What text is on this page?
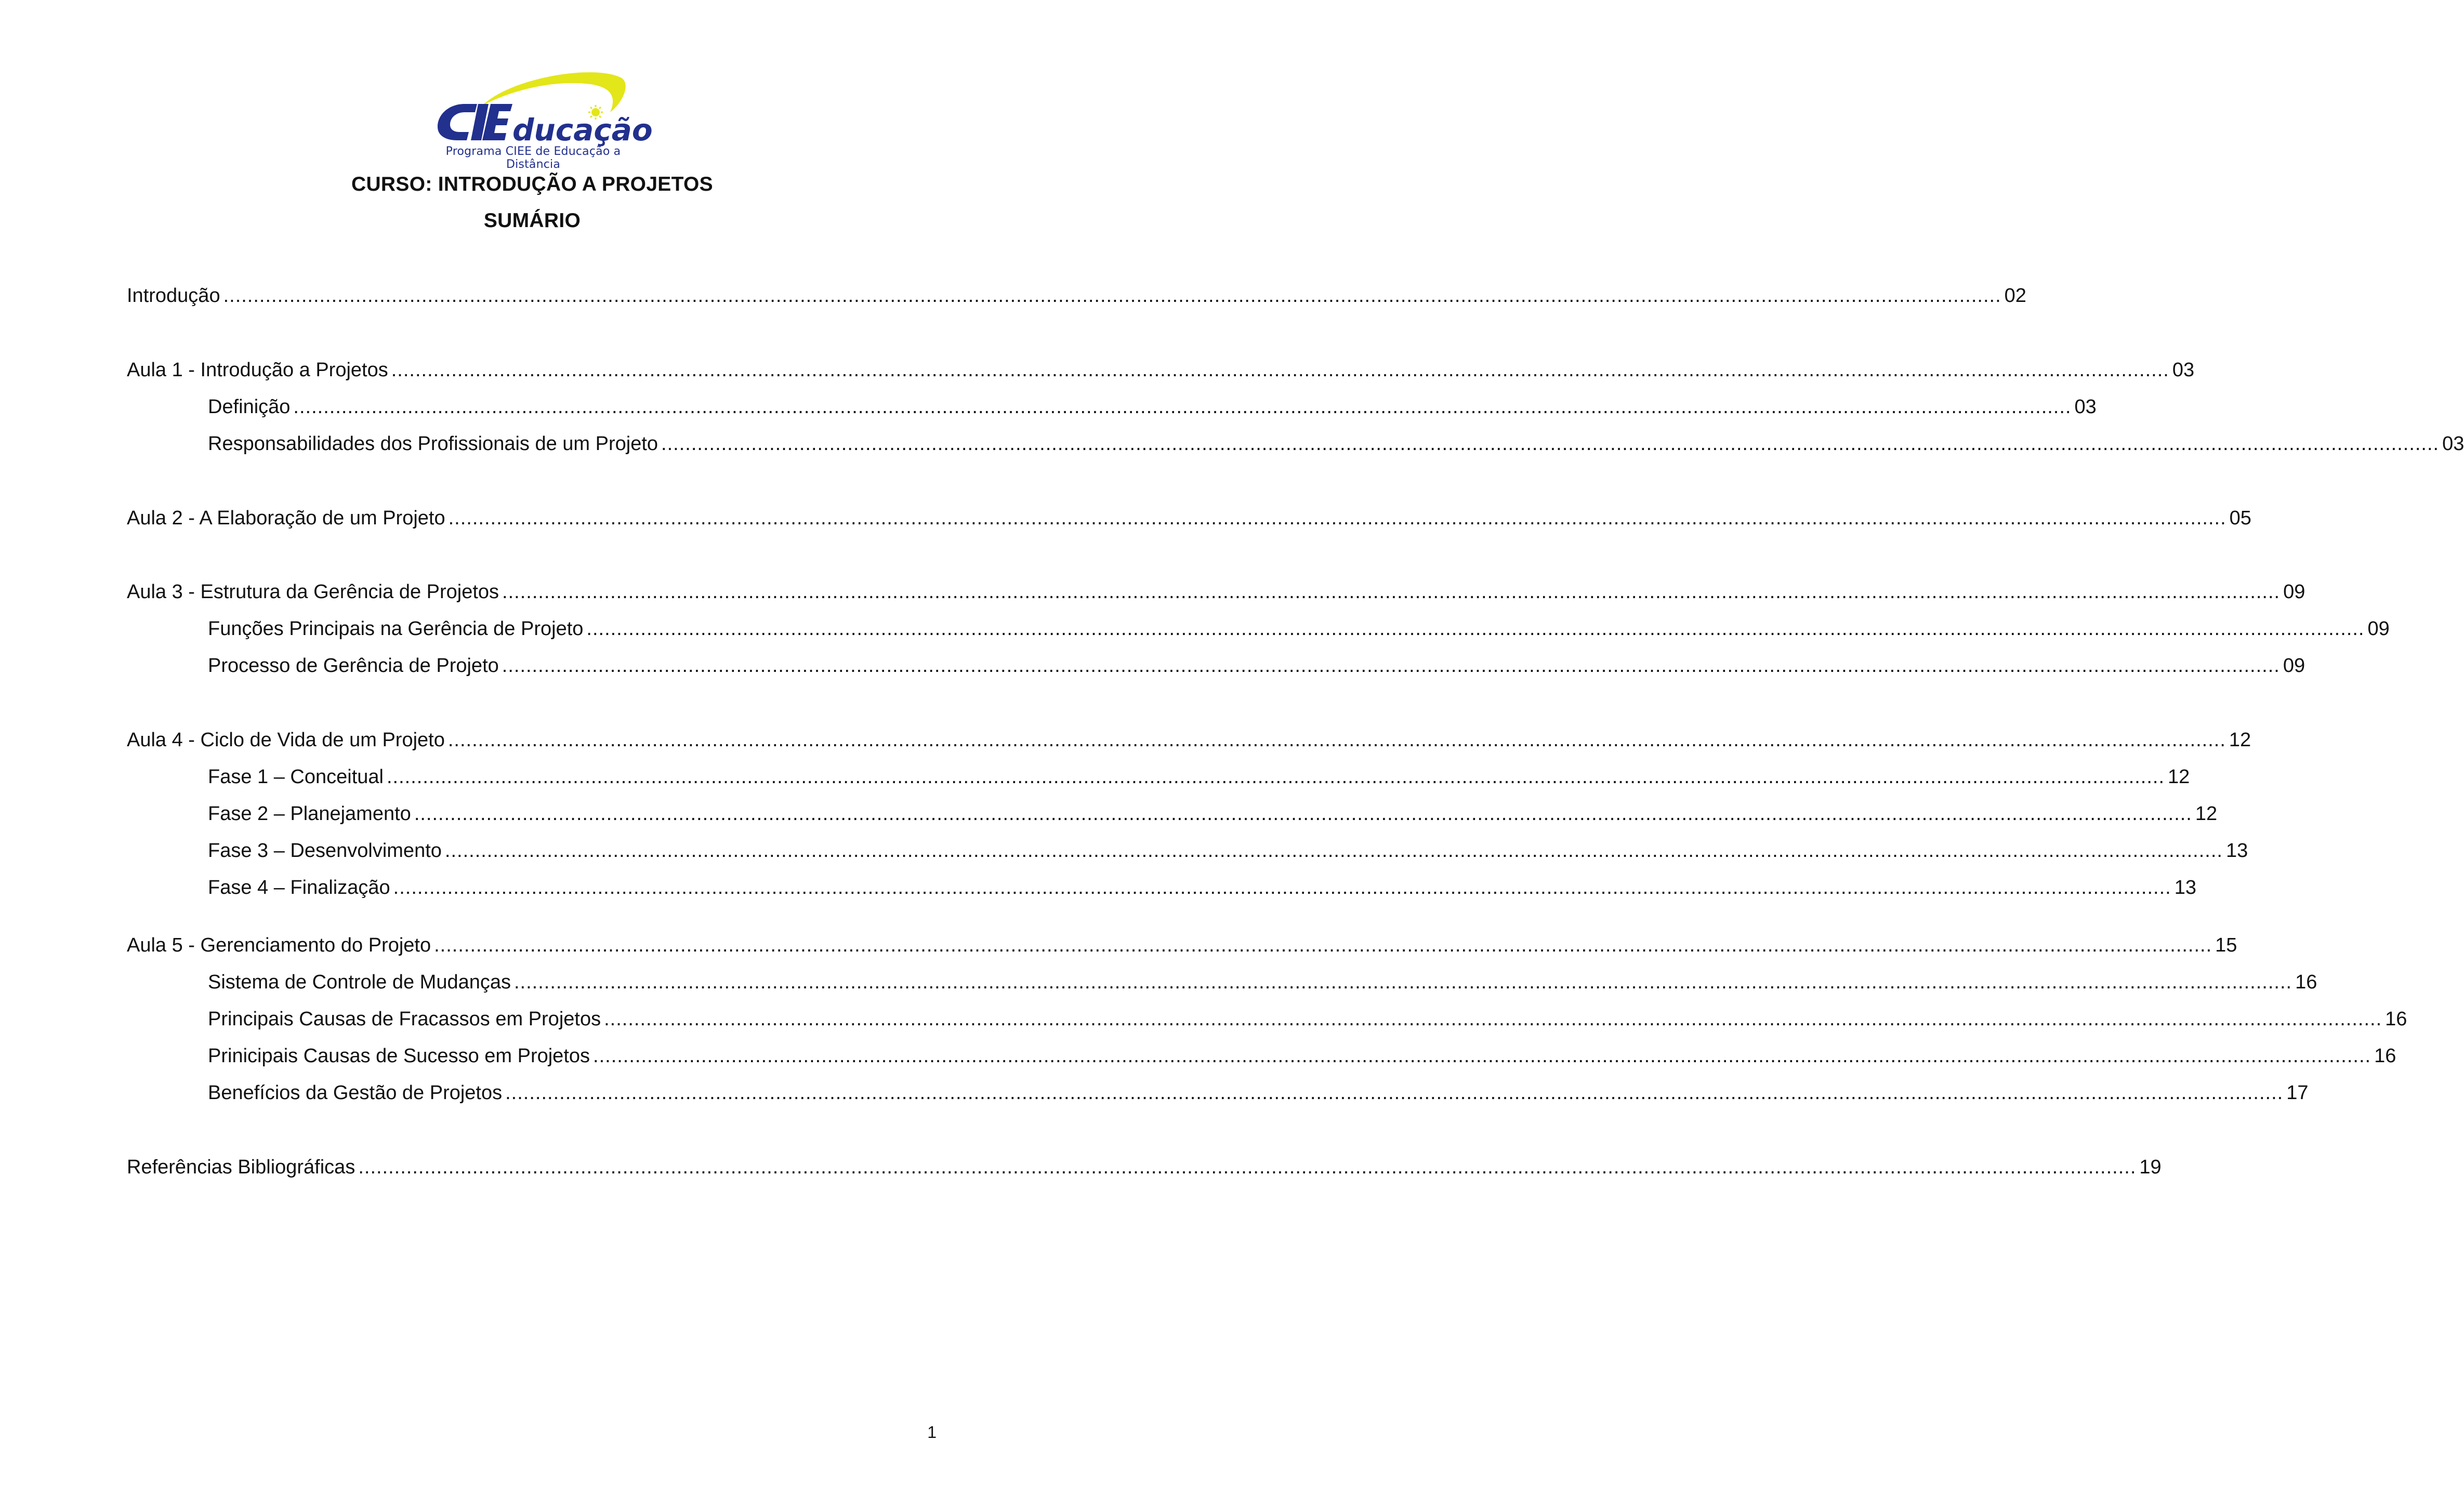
ducação
Programa CIEE de Educação a Distância
CURSO: INTRODUÇÃO A PROJETOS
SUMÁRIO
Introdução .....	02
Aula 1 - Introdução a Projetos .....	03
Definição .....	03
Responsabilidades dos Profissionais de um Projeto .....	03
Aula 2 - A Elaboração de um Projeto .....	05
Aula 3 - Estrutura da Gerência de Projetos .....	09
Funções Principais na Gerência de Projeto .....	09
Processo de Gerência de Projeto .....	09
Aula 4 - Ciclo de Vida de um Projeto .....	12
Fase 1 – Conceitual .....	12
Fase 2 – Planejamento .....	12
Fase 3 – Desenvolvimento .....	13
Fase 4 – Finalização .....	13
Aula 5 - Gerenciamento do Projeto .....	15
Sistema de Controle de Mudanças .....	16
Principais Causas de Fracassos em Projetos .....	16
Prinicipais Causas de Sucesso em Projetos .....	16
Benefícios da Gestão de Projetos .....	17
Referências Bibliográficas .....	19
1
